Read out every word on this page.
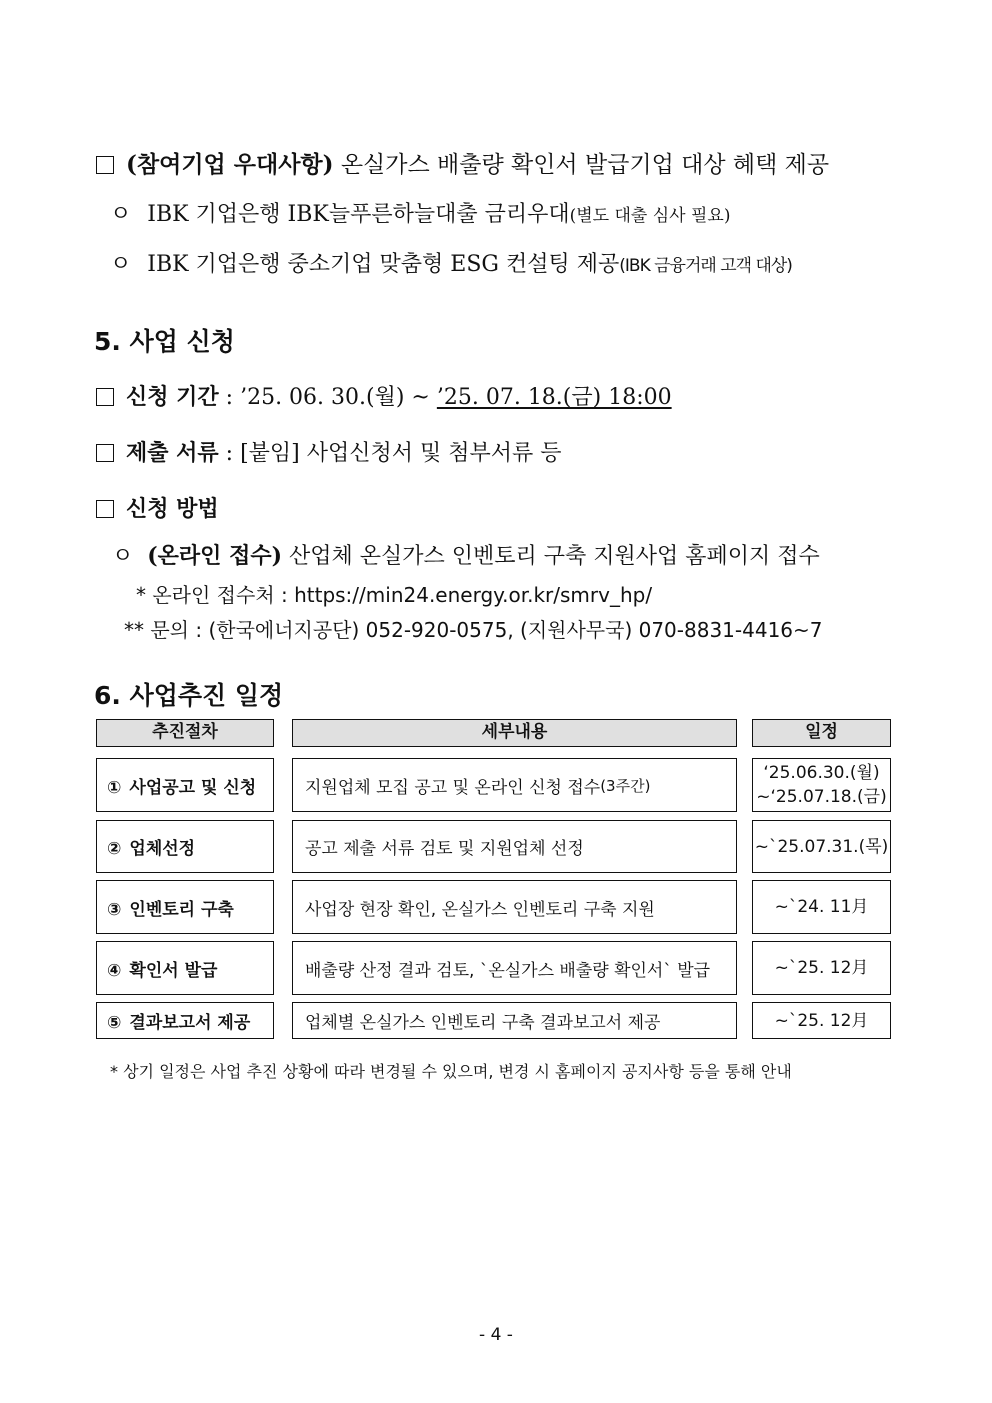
(참여기업 우대사항) 온실가스 배출량 확인서 발급기업 대상 혜택 제공
ㅇ IBK 기업은행 IBK늘푸른하늘대출 금리우대(별도 대출 심사 필요)
ㅇ IBK 기업은행 중소기업 맞춤형 ESG 컨설팅 제공(IBK 금융거래 고객 대상)
5. 사업 신청
신청 기간 : ’25. 06. 30.(월) ~ ’25. 07. 18.(금) 18:00
제출 서류 : [붙임] 사업신청서 및 첨부서류 등
신청 방법
ㅇ (온라인 접수) 산업체 온실가스 인벤토리 구축 지원사업 홈페이지 접수
* 온라인 접수처 : https://min24.energy.or.kr/smrv_hp/
** 문의 : (한국에너지공단) 052-920-0575, (지원사무국) 070-8831-4416~7
6. 사업추진 일정
추진절차	세부내용	일정
① 사업공고 및 신청	지원업체 모집 공고 및 온라인 신청 접수 (3주간)
‘25.06.30.(월)
~‘25.07.18.(금)
② 업체선정	공고 제출 서류 검토 및 지원업체 선정	~`25.07.31.(목)
③ 인벤토리 구축	사업장 현장 확인, 온실가스 인벤토리 구축 지원	~`24. 11月
④ 확인서 발급	배출량 산정 결과 검토, `온실가스 배출량 확인서` 발급	~`25. 12月
⑤ 결과보고서 제공	업체별 온실가스 인벤토리 구축 결과보고서 제공	~`25. 12月
* 상기 일정은 사업 추진 상황에 따라 변경될 수 있으며, 변경 시 홈페이지 공지사항 등을 통해 안내
- 4 -
